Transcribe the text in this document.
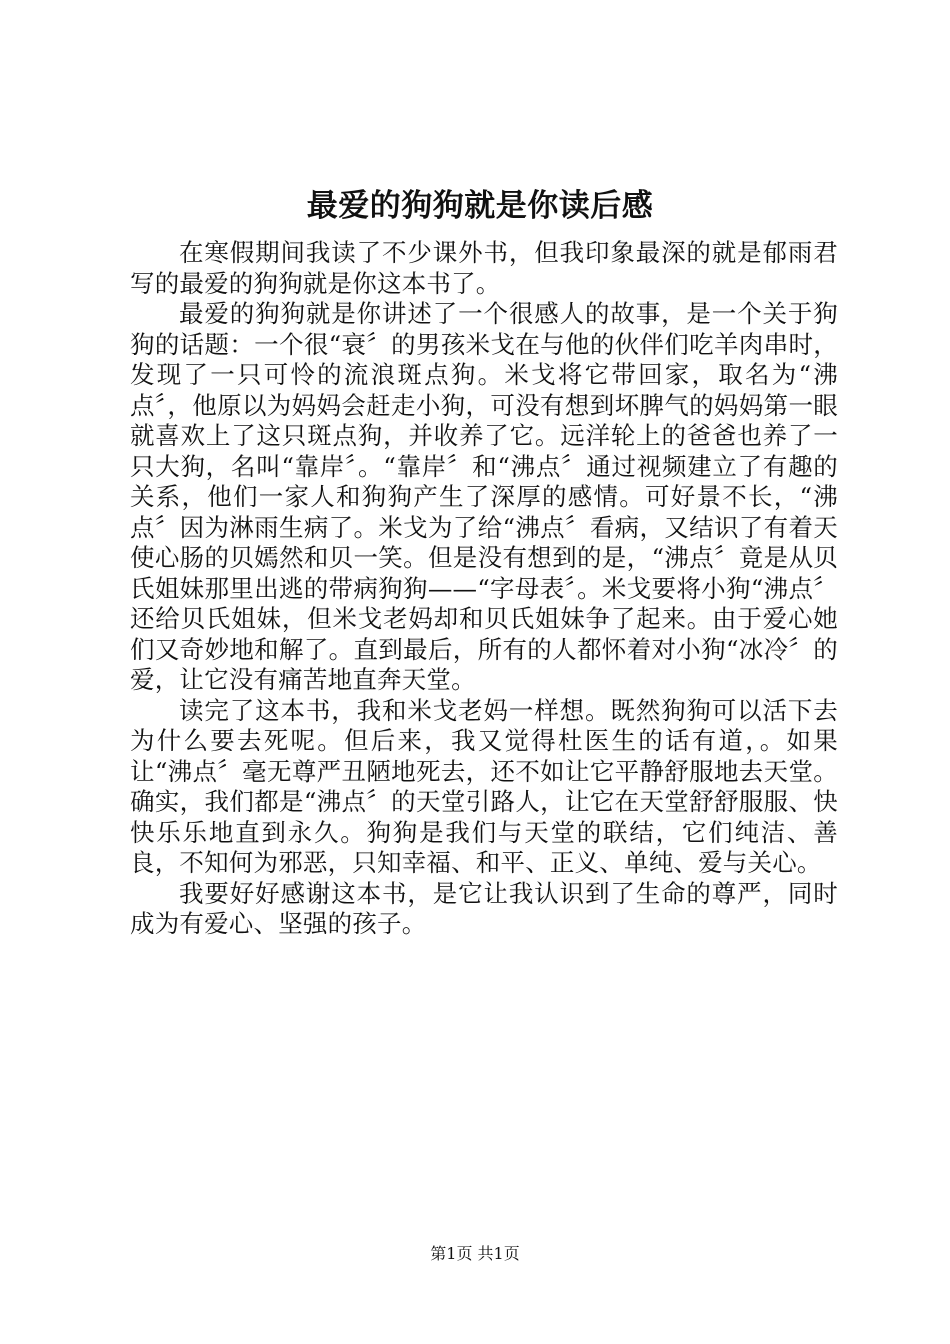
最爱的狗狗就是你读后感

在寒假期间我读了不少课外书，但我印象最深的就是郁雨君写的最爱的狗狗就是你这本书了。

最爱的狗狗就是你讲述了一个很感人的故事，是一个关于狗狗的话题：一个很“衰〞的男孩米戈在与他的伙伴们吃羊肉串时，发现了一只可怜的流浪斑点狗。米戈将它带回家，取名为“沸点〞，他原以为妈妈会赶走小狗，可没有想到坏脾气的妈妈第一眼就喜欢上了这只斑点狗，并收养了它。远洋轮上的爸爸也养了一只大狗，名叫“靠岸〞。“靠岸〞和“沸点〞通过视频建立了有趣的关系，他们一家人和狗狗产生了深厚的感情。可好景不长，“沸点〞因为淋雨生病了。米戈为了给“沸点〞看病，又结识了有着天使心肠的贝嫣然和贝一笑。但是没有想到的是，“沸点〞竟是从贝氏姐妹那里出逃的带病狗狗——“字母表〞。米戈要将小狗“沸点〞还给贝氏姐妹，但米戈老妈却和贝氏姐妹争了起来。由于爱心她们又奇妙地和解了。直到最后，所有的人都怀着对小狗“冰冷〞的爱，让它没有痛苦地直奔天堂。

读完了这本书，我和米戈老妈一样想。既然狗狗可以活下去为什么要去死呢。但后来，我又觉得杜医生的话有道，。如果让“沸点〞毫无尊严丑陋地死去，还不如让它平静舒服地去天堂。确实，我们都是“沸点〞的天堂引路人，让它在天堂舒舒服服、快快乐乐地直到永久。狗狗是我们与天堂的联结，它们纯洁、善良，不知何为邪恶，只知幸福、和平、正义、单纯、爱与关心。

我要好好感谢这本书，是它让我认识到了生命的尊严，同时成为有爱心、坚强的孩子。

第1页 共1页
